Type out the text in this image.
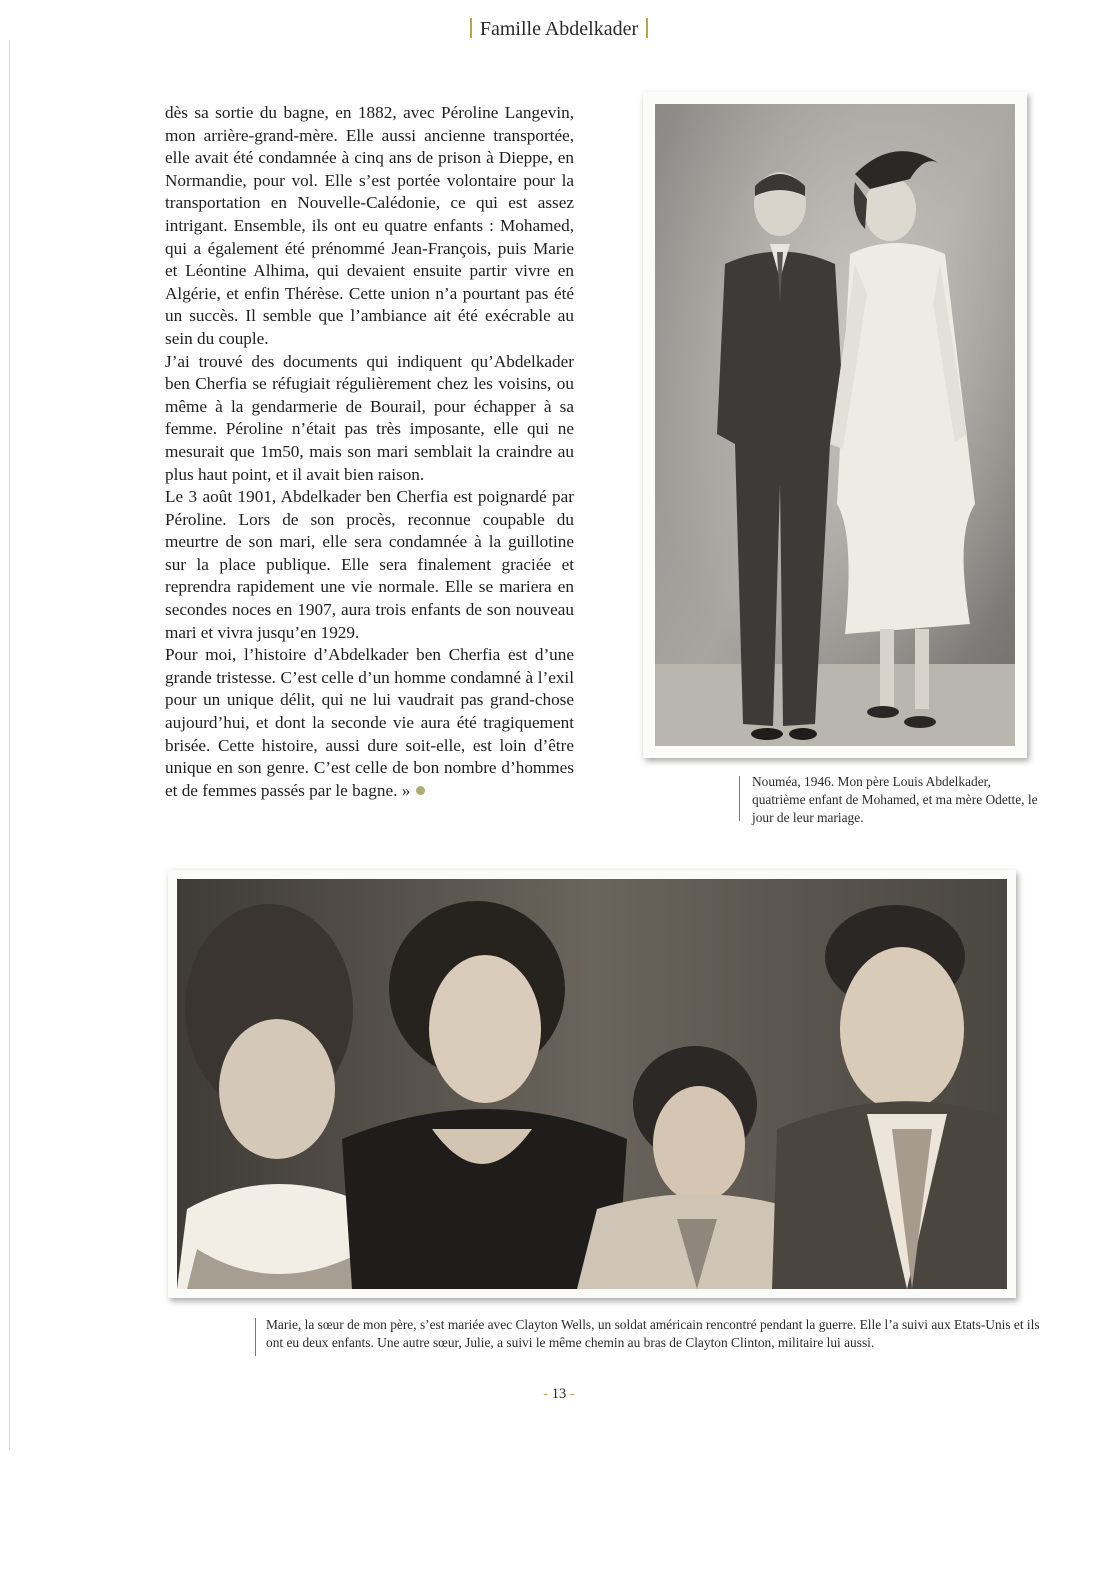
Famille Abdelkader

dès sa sortie du bagne, en 1882, avec Péroline Langevin, mon arrière-grand-mère. Elle aussi ancienne transportée, elle avait été condamnée à cinq ans de prison à Dieppe, en Normandie, pour vol. Elle s’est portée volontaire pour la transportation en Nouvelle-Calédonie, ce qui est assez intrigant. Ensemble, ils ont eu quatre enfants : Mohamed, qui a également été prénommé Jean-François, puis Marie et Léontine Alhima, qui devaient ensuite partir vivre en Algérie, et enfin Thérèse. Cette union n’a pourtant pas été un succès. Il semble que l’ambiance ait été exécrable au sein du couple.

J’ai trouvé des documents qui indiquent qu’Abdelkader ben Cherfia se réfugiait régulièrement chez les voisins, ou même à la gendarmerie de Bourail, pour échapper à sa femme. Péroline n’était pas très imposante, elle qui ne mesurait que 1m50, mais son mari semblait la craindre au plus haut point, et il avait bien raison.

Le 3 août 1901, Abdelkader ben Cherfia est poignardé par Péroline. Lors de son procès, reconnue coupable du meurtre de son mari, elle sera condamnée à la guillotine sur la place publique. Elle sera finalement graciée et reprendra rapidement une vie normale. Elle se mariera en secondes noces en 1907, aura trois enfants de son nouveau mari et vivra jusqu’en 1929.

Pour moi, l’histoire d’Abdelkader ben Cherfia est d’une grande tristesse. C’est celle d’un homme condamné à l’exil pour un unique délit, qui ne lui vaudrait pas grand-chose aujourd’hui, et dont la seconde vie aura été tragiquement brisée. Cette histoire, aussi dure soit-elle, est loin d’être unique en son genre. C’est celle de bon nombre d’hommes et de femmes passés par le bagne. »	Nouméa, 1946. Mon père Louis Abdelkader, quatrième enfant de Mohamed, et ma mère Odette, le jour de leur mariage.
Marie, la sœur de mon père, s’est mariée avec Clayton Wells, un soldat américain rencontré pendant la guerre. Elle l’a suivi aux Etats-Unis et ils ont eu deux enfants. Une autre sœur, Julie, a suivi le même chemin au bras de Clayton Clinton, militaire lui aussi.
- 13 -
